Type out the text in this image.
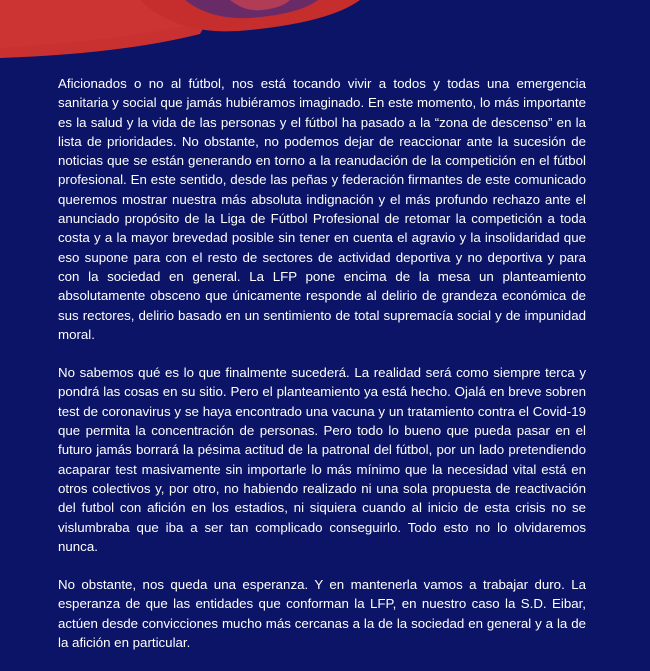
Aficionados o no al fútbol, nos está tocando vivir a todos y todas una emergencia sanitaria y social que jamás hubiéramos imaginado. En este momento, lo más importante es la salud y la vida de las personas y el fútbol ha pasado a la “zona de descenso” en la lista de prioridades. No obstante, no podemos dejar de reaccionar ante la sucesión de noticias que se están generando en torno a la reanudación de la competición en el fútbol profesional. En este sentido, desde las peñas y federación firmantes de este comunicado queremos mostrar nuestra más absoluta indignación y el más profundo rechazo ante el anunciado propósito de la Liga de Fútbol Profesional de retomar la competición a toda costa y a la mayor brevedad posible sin tener en cuenta el agravio y la insolidaridad que eso supone para con el resto de sectores de actividad deportiva y no deportiva y para con la sociedad en general. La LFP pone encima de la mesa un planteamiento absolutamente obsceno que únicamente responde al delirio de grandeza económica de sus rectores, delirio basado en un sentimiento de total supremacía social y de impunidad moral.

No sabemos qué es lo que finalmente sucederá. La realidad será como siempre terca y pondrá las cosas en su sitio. Pero el planteamiento ya está hecho. Ojalá en breve sobren test de coronavirus y se haya encontrado una vacuna y un tratamiento contra el Covid-19 que permita la concentración de personas. Pero todo lo bueno que pueda pasar en el futuro jamás borrará la pésima actitud de la patronal del fútbol, por un lado pretendiendo acaparar test masivamente sin importarle lo más mínimo que la necesidad vital está en otros colectivos y, por otro, no habiendo realizado ni una sola propuesta de reactivación del futbol con afición en los estadios, ni siquiera cuando al inicio de esta crisis no se vislumbraba que iba a ser tan complicado conseguirlo. Todo esto no lo olvidaremos nunca.

No obstante, nos queda una esperanza. Y en mantenerla vamos a trabajar duro. La esperanza de que las entidades que conforman la LFP, en nuestro caso la S.D. Eibar, actúen desde convicciones mucho más cercanas a la de la sociedad en general y a la de la afición en particular.
